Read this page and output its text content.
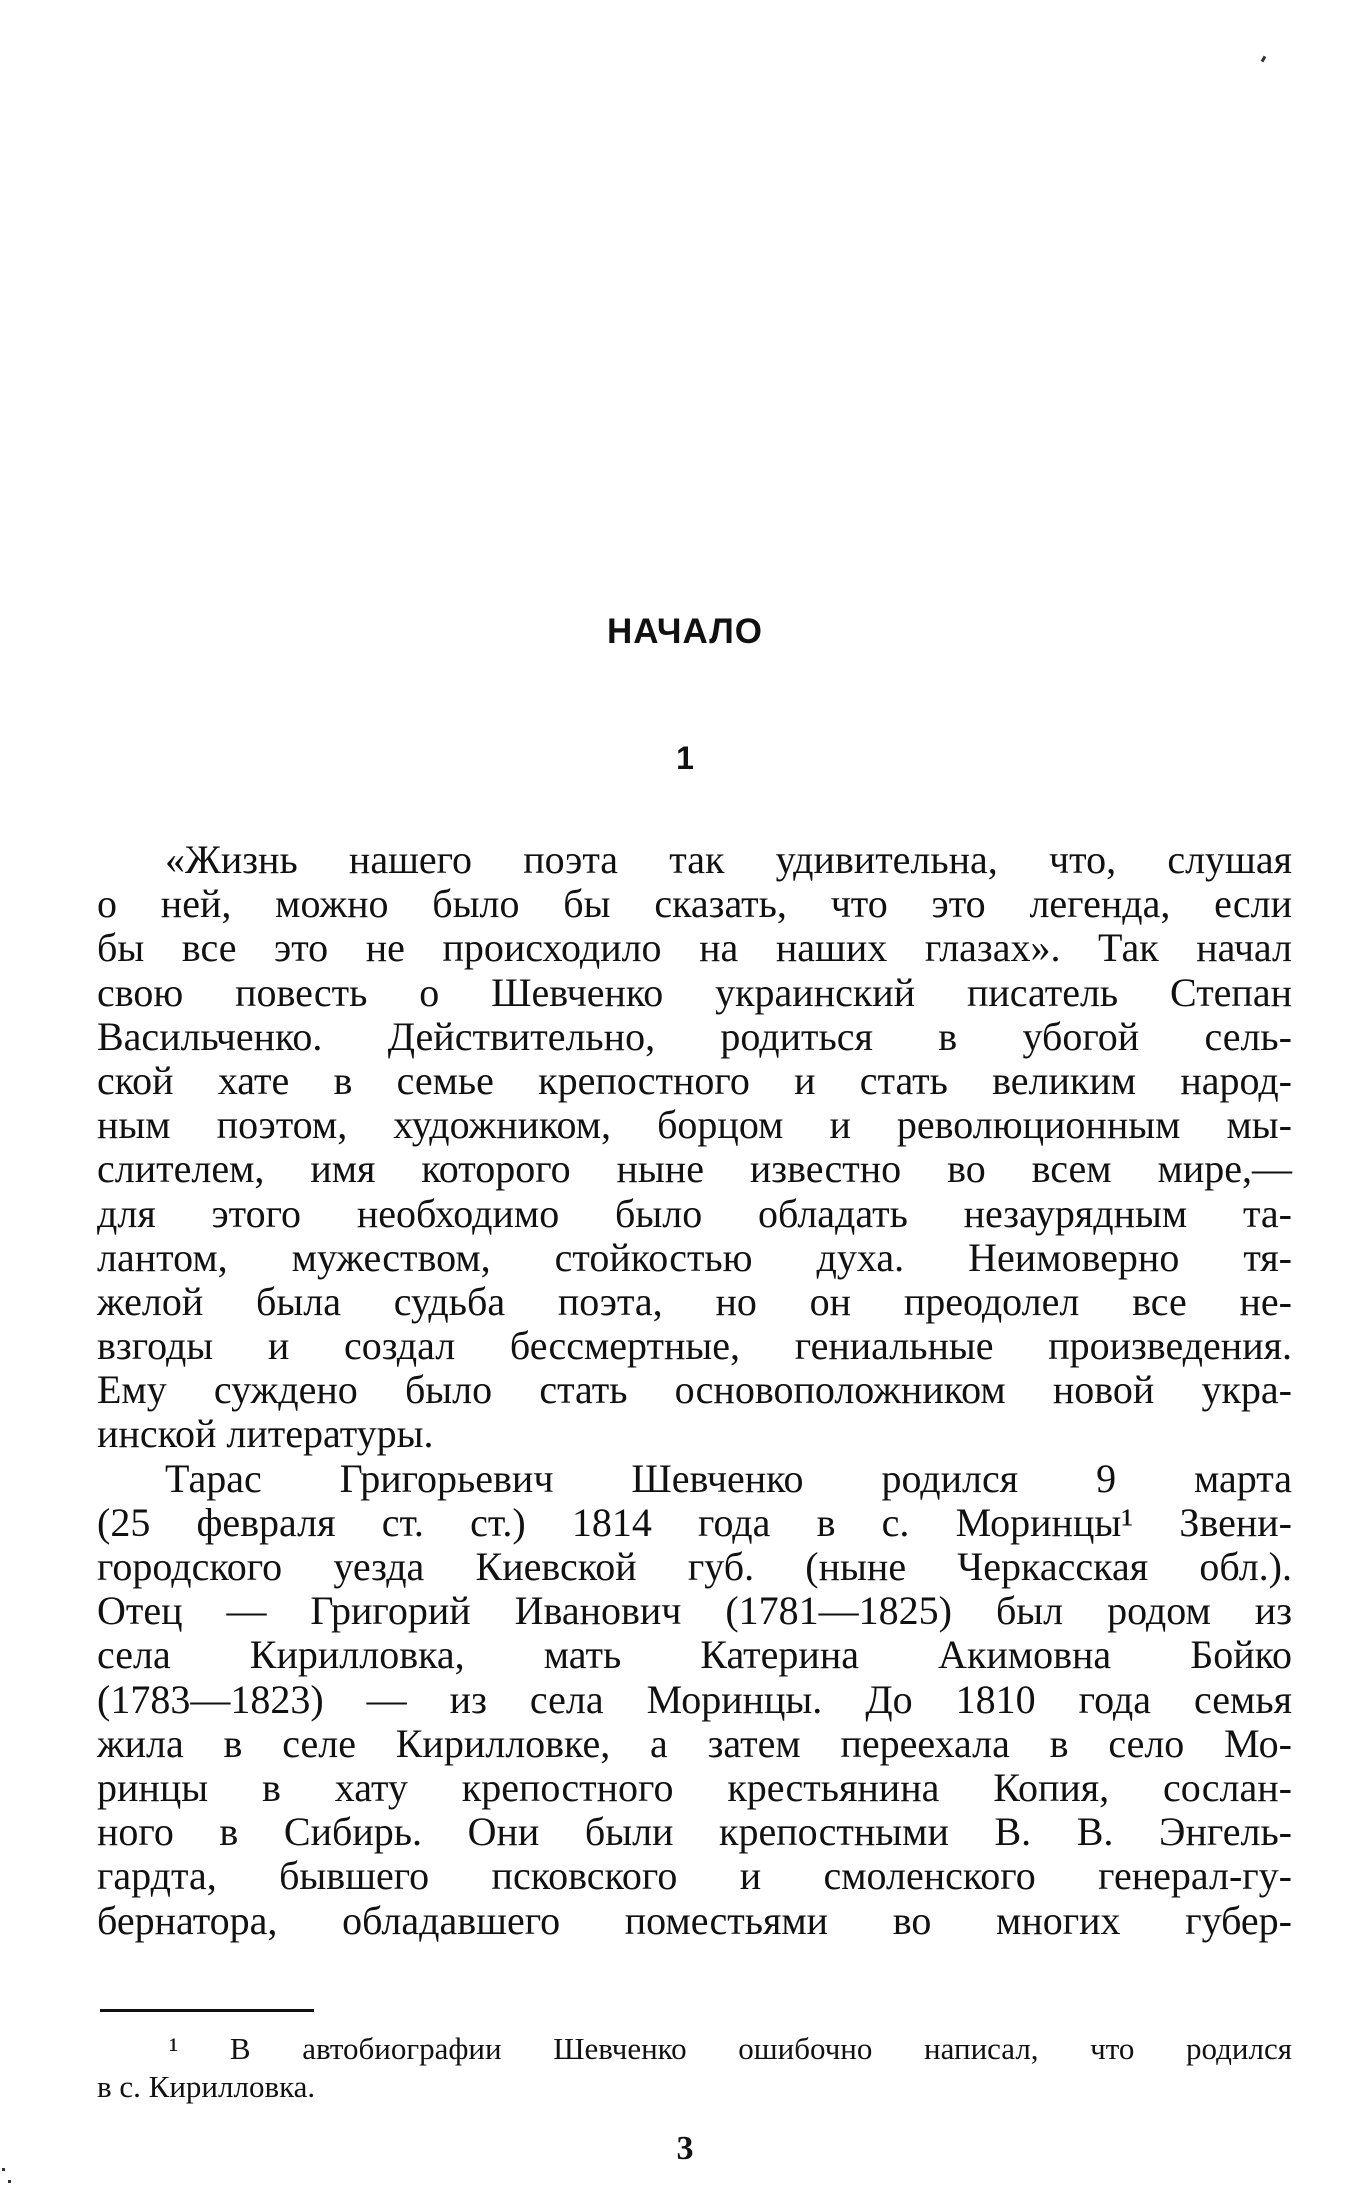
НАЧАЛО
1
«Жизнь нашего поэта так удивительна, что, слушая
о ней, можно было бы сказать, что это легенда, если
бы все это не происходило на наших глазах». Так начал
свою повесть о Шевченко украинский писатель Степан
Васильченко. Действительно, родиться в убогой сель-
ской хате в семье крепостного и стать великим народ-
ным поэтом, художником, борцом и революционным мы-
слителем, имя которого ныне известно во всем мире,—
для этого необходимо было обладать незаурядным та-
лантом, мужеством, стойкостью духа. Неимоверно тя-
желой была судьба поэта, но он преодолел все не-
взгоды и создал бессмертные, гениальные произведения.
Ему суждено было стать основоположником новой укра-
инской литературы.
Тарас Григорьевич Шевченко родился 9 марта
(25 февраля ст. ст.) 1814 года в с. Моринцы¹ Звени-
городского уезда Киевской губ. (ныне Черкасская обл.).
Отец — Григорий Иванович (1781—1825) был родом из
села Кирилловка, мать Катерина Акимовна Бойко
(1783—1823) — из села Моринцы. До 1810 года семья
жила в селе Кирилловке, а затем переехала в село Мо-
ринцы в хату крепостного крестьянина Копия, сослан-
ного в Сибирь. Они были крепостными В. В. Энгель-
гардта, бывшего псковского и смоленского генерал-гу-
бернатора, обладавшего поместьями во многих губер-
¹ В автобиографии Шевченко ошибочно написал, что родился
в с. Кирилловка.
3
